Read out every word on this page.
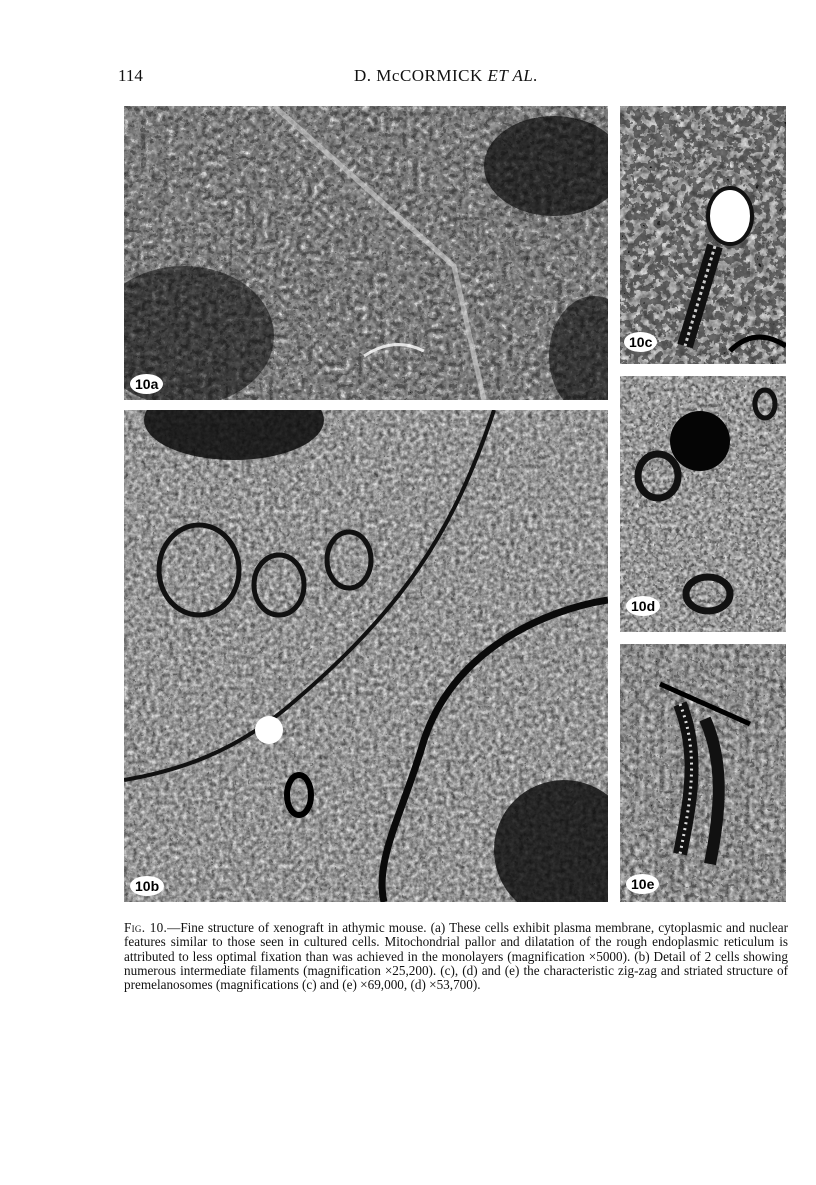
114	D. McCORMICK ET AL.
10a
10b
10c
10d
10e

Fig. 10.—Fine structure of xenograft in athymic mouse. (a) These cells exhibit plasma membrane, cytoplasmic and nuclear features similar to those seen in cultured cells. Mitochondrial pallor and dilatation of the rough endoplasmic reticulum is attributed to less optimal fixation than was achieved in the monolayers (magnification ×5000). (b) Detail of 2 cells showing numerous intermediate filaments (magnification ×25,200). (c), (d) and (e) the characteristic zig-zag and striated structure of premelanosomes (magnifications (c) and (e) ×69,000, (d) ×53,700).
